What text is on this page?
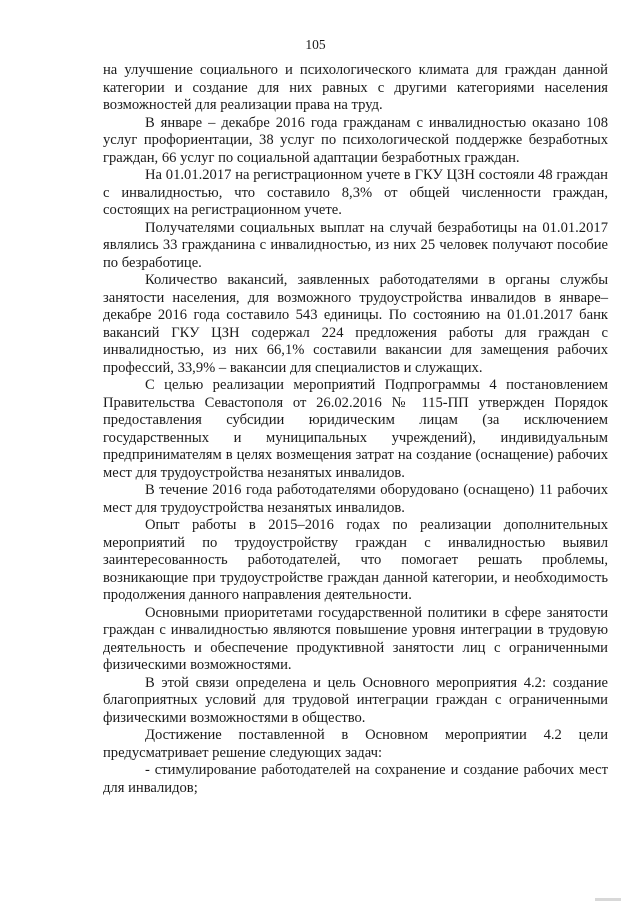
105

на улучшение социального и психологического климата для граждан данной категории и создание для них равных с другими категориями населения возможностей для реализации права на труд.

В январе – декабре 2016 года гражданам с инвалидностью оказано 108 услуг профориентации, 38 услуг по психологической поддержке безработных граждан, 66 услуг по социальной адаптации безработных граждан.

На 01.01.2017 на регистрационном учете в ГКУ ЦЗН состояли 48 граждан с инвалидностью, что составило 8,3% от общей численности граждан, состоящих на регистрационном учете.

Получателями социальных выплат на случай безработицы на 01.01.2017 являлись 33 гражданина с инвалидностью, из них 25 человек получают пособие по безработице.

Количество вакансий, заявленных работодателями в органы службы занятости населения, для возможного трудоустройства инвалидов в январе–декабре 2016 года составило 543 единицы. По состоянию на 01.01.2017 банк вакансий ГКУ ЦЗН содержал 224 предложения работы для граждан с инвалидностью, из них 66,1% составили вакансии для замещения рабочих профессий, 33,9% – вакансии для специалистов и служащих.

С целью реализации мероприятий Подпрограммы 4 постановлением Правительства Севастополя от 26.02.2016 № 115-ПП утвержден Порядок предоставления субсидии юридическим лицам (за исключением государственных и муниципальных учреждений), индивидуальным предпринимателям в целях возмещения затрат на создание (оснащение) рабочих мест для трудоустройства незанятых инвалидов.

В течение 2016 года работодателями оборудовано (оснащено) 11 рабочих мест для трудоустройства незанятых инвалидов.

Опыт работы в 2015–2016 годах по реализации дополнительных мероприятий по трудоустройству граждан с инвалидностью выявил заинтересованность работодателей, что помогает решать проблемы, возникающие при трудоустройстве граждан данной категории, и необходимость продолжения данного направления деятельности.

Основными приоритетами государственной политики в сфере занятости граждан с инвалидностью являются повышение уровня интеграции в трудовую деятельность и обеспечение продуктивной занятости лиц с ограниченными физическими возможностями.

В этой связи определена и цель Основного мероприятия 4.2: создание благоприятных условий для трудовой интеграции граждан с ограниченными физическими возможностями в общество.

Достижение поставленной в Основном мероприятии 4.2 цели предусматривает решение следующих задач:

- стимулирование работодателей на сохранение и создание рабочих мест для инвалидов;
